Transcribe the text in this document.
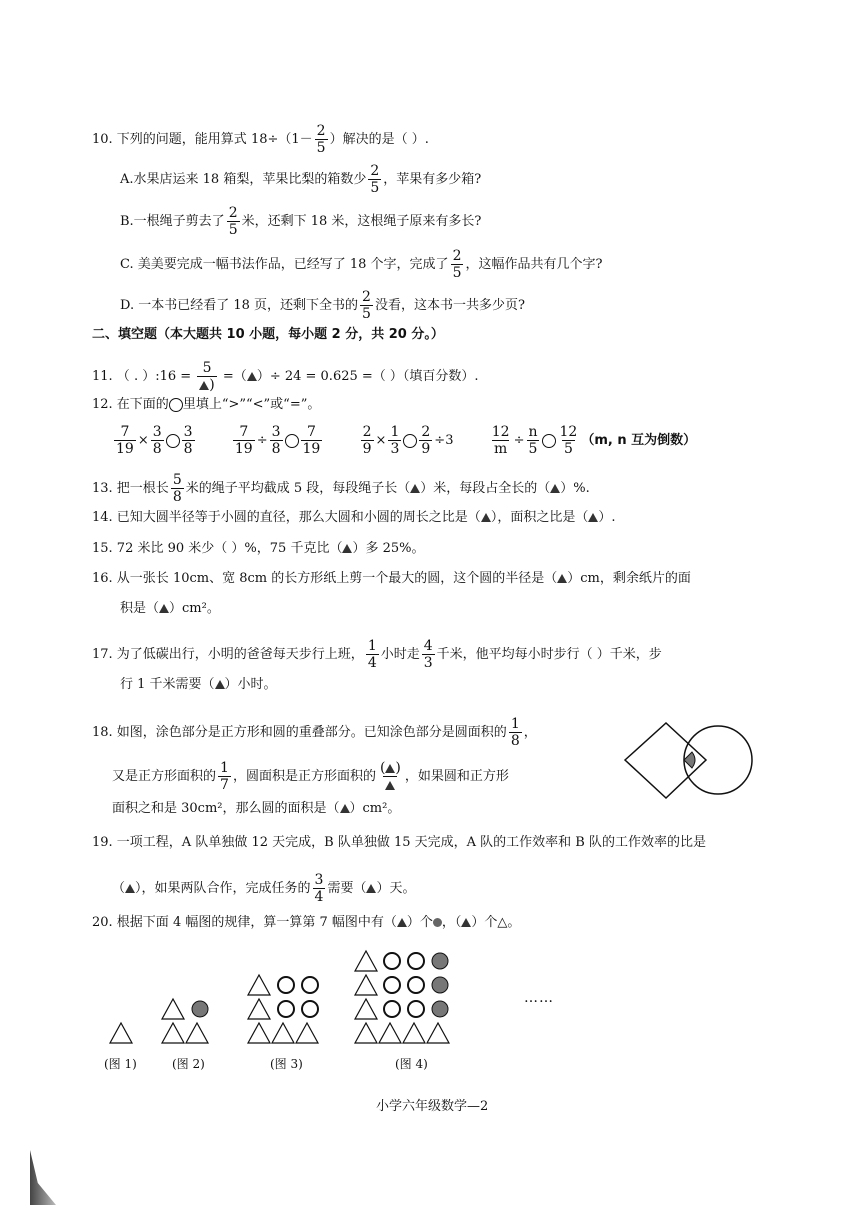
10. 下列的问题，能用算式 $18\div(1- \frac{2}{5}$ ）解决的是（ ）.
A.水果店运来 18 箱梨，苹果比梨的箱数少 $\frac{2}{5}$ ，苹果有多少箱?
B.一根绳子剪去了 $\frac{2}{5}$ 米，还剩下 18 米，这根绳子原来有多长?
C. 美美要完成一幅书法作品，已经写了 18 个字，完成了 $\frac{2}{5}$ ，这幅作品共有几个字?
D. 一本书已经看了 18 页，还剩下全书的 $\frac{2}{5}$ 没看，这本书一共多少页?
二、填空题（本大题共 10 小题，每小题 2 分，共 20 分。）
11. （ . ）:16 = $\frac{5}{)}$ =（ ）÷ 24 = 0.625 =（ ）（填百分数）.
12. 在下面的 里填上“>”“<”或“=”。
$\frac{7}{19} \times \frac{3}{8} \frac{3}{8}$
	$\frac{7}{19} \div \frac{3}{8} \frac{7}{19}$
	$\frac{2}{9} \times \frac{1}{3} \frac{2}{9} \div 3$	$\frac{12}{m} \div \frac{n}{5} \frac{12}{5} (m$, n 互为倒数）
13. 把一根长 $\frac{5}{8}$ 米的绳子平均截成 5 段，每段绳子长（ ）米，每段占全长的（ ）%.
14. 已知大圆半径等于小圆的直径，那么大圆和小圆的周长之比是（ ），面积之比是（ ）.
15. 72 米比 90 米少（ ）%，75 千克比（ ）多 25%。
16. 从一张长 10cm、宽 8cm 的长方形纸上剪一个最大的圆，这个圆的半径是（ ）cm，剩余纸片的面
积是（ ）cm²。
17. 为了低碳出行，小明的爸爸每天步行上班， $\frac{1}{4}$ 小时走 $\frac{4}{3}$ 千米，他平均每小时步行（ ）千米，步
行 1 千米需要（ ）小时。
18. 如图，涂色部分是正方形和圆的重叠部分。已知涂色部分是圆面积的 $\frac{1}{8}$ ，
又是正方形面积的 $\frac{1}{7}$ ，圆面积是正方形面积的
( )
，如果圆和正方形
面积之和是 30cm²，那么圆的面积是（ ）cm²。
19. 一项工程，A 队单独做 12 天完成，B 队单独做 15 天完成，A 队的工作效率和 B 队的工作效率的比是
（ ），如果两队合作，完成任务的 $\frac{3}{4}$ 需要（ ）天。
20. 根据下面 4 幅图的规律，算一算第 7 幅图中有（ ）个 ，（ ）个△。
……
(图 1)	(图 2)	(图 3)	(图 4)
小学六年级数学—2
